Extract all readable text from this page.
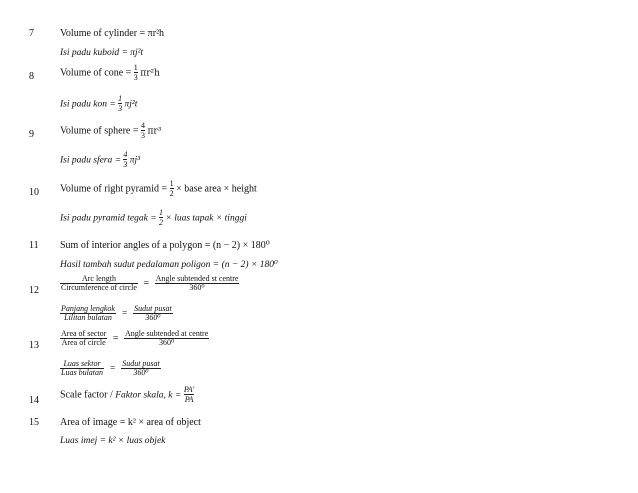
7	Volume of cylinder = πr²h
Isi padu kuboid = πj²t
8	Volume of cone = $\frac{1}{3} \pi r^2h$
Isi padu kon = $\frac{1}{3} \pi j^2t$
9	Volume of sphere = $\frac{4}{3} \pi r^3$
Isi padu sfera = $\frac{4}{3} \pi j^3$
10 Volume of right pyramid = $\frac{1}{2}$ × base area × height
Isi padu pyramid tegak = $\frac{1}{2}$ × luas tapak × tinggi
11 Sum of interior angles of a polygon = (n − 2) × 180⁰
Hasil tambah sudut pedalaman poligon = (n − 2) × 180⁰
12	$\frac{\text{Arc length}}{\text{Circumference of circle}} = \frac{\text{Angle subtended st centre}}{\text{360⁰}}$
$\frac{\text{Panjang lengkok}}{\text{Lilitan bulatan}} = \frac{\text{Sudut pusat}}{\text{360⁰}}$
13	$\frac{\text{Area of sector}}{\text{Area of circle}} = \frac{\text{Angle subtended at centre}}{\text{360⁰}}$
$\frac{\text{Luas sektor}}{\text{Luas bulatan}} = \frac{\text{Sudut pusat}}{\text{360⁰}}$
14 Scale factor / Faktor skala, $k = \frac{PA'}{PA}$
15 Area of image = k² × area of object
Luas imej = k² × luas objek
